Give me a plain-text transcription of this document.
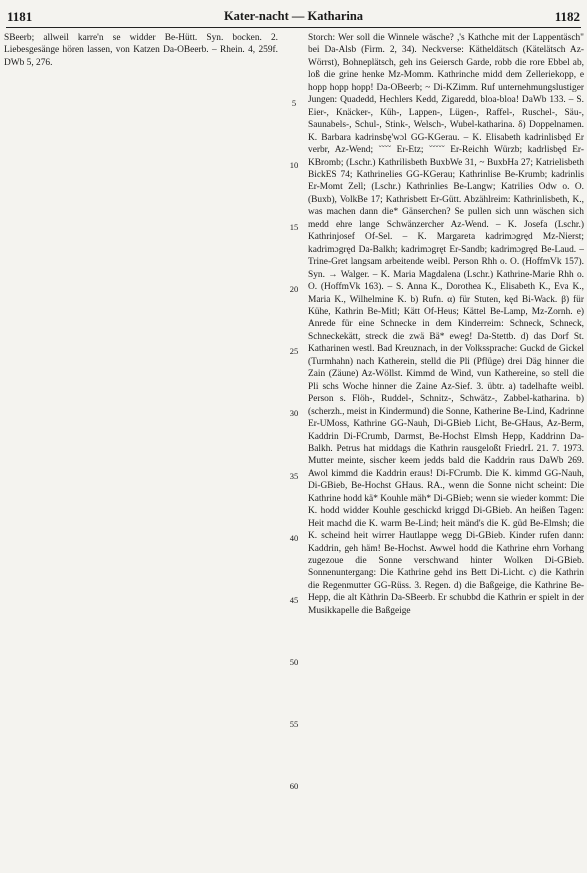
1181	Kater-nacht — Katharina	1182

SBeerb; allweil karre'n se widder Be-Hütt. Syn. bocken. 2. Liebesgesänge hören lassen, von Katzen Da-OBeerb. – Rhein. 4, 259f. DWb 5, 276.

5
10
15
20
25
30
35
40
45
50
55
60

Storch: Wer soll die Winnele wäsche? ,'s Kathche mit der Lappentäsch" bei Da-Alsb (Firm. 2, 34). Neckverse: Kätheldätsch (Kätelätsch Az-Wörrst), Bohneplätsch, geh ins Geiersch Garde, robb die rore Ebbel ab, loß die grine henke Mz-Momm. Kathrinche midd dem Zelleriekopp, e hopp hopp hopp! Da-OBeerb; ~ Di-KZimm. Ruf unternehmungslustiger Jungen: Quadedd, Hechlers Kedd, Zigaredd, bloa-bloa! DaWb 133. – S. Eier-, Knäcker-, Küh-, Lappen-, Lügen-, Raffel-, Ruschel-, Säu-, Saunabels-, Schul-, Stink-, Welsch-, Wubel-katharina. δ) Doppelnamen. K. Barbara kadrinsbę'wɔl GG-KGerau. – K. Elisabeth kadrinlisbęd Er verbr, Az-Wend; ˘˘˘˘ Er-Etz; ˘˘˘˘˘ Er-Reichh Würzb; kadrlisbęd Er-KBromb; (Lschr.) Kathrilisbeth BuxbWe 31, ~ BuxbHa 27; Katrielisbeth BickES 74; Kathrinelies GG-KGerau; Kathrinlise Be-Krumb; kadrinlis Er-Momt Zell; (Lschr.) Kathrinlies Be-Langw; Katrilies Odw o. O. (Buxb), VolkBe 17; Kathrisbett Er-Gütt. Abzählreim: Kathrinlisbeth, K., was machen dann die* Gänserchen? Se pullen sich unn wäschen sich medd ehre lange Schwänzercher Az-Wend. – K. Josefa (Lschr.) Kathrinjosef Of-Sel. – K. Margareta kadrimɔgręd Mz-Nierst; kadrimɔgręd Da-Balkh; kadrimɔgręt Er-Sandb; kadrimɔgręd Be-Laud. – Trine-Gret langsam arbeitende weibl. Person Rhh o. O. (HoffmVk 157). Syn. → Walger. – K. Maria Magdalena (Lschr.) Kathrine-Marie Rhh o. O. (HoffmVk 163). – S. Anna K., Dorothea K., Elisabeth K., Eva K., Maria K., Wilhelmine K. b) Rufn. α) für Stuten, kęd Bi-Wack. β) für Kühe, Kathrin Be-Mitl; Kätt Of-Heus; Kättel Be-Lamp, Mz-Zornh. e) Anrede für eine Schnecke in dem Kinderreim: Schneck, Schneck, Schneckekätt, streck die zwä Bä* eweg! Da-Stettb. d) das Dorf St. Katharinen westl. Bad Kreuznach, in der Volkssprache: Guckd de Gickel (Turmhahn) nach Katherein, stelld die Pli (Pflüge) drei Däg hinner die Zain (Zäune) Az-Wöllst. Kimmd de Wind, vun Kathereine, so stell die Pli schs Woche hinner die Zaine Az-Sief. 3. übtr. a) tadelhafte weibl. Person s. Flöh-, Ruddel-, Schnitz-, Schwätz-, Zabbel-katharina. b) (scherzh., meist in Kindermund) die Sonne, Katherine Be-Lind, Kadrinne Er-UMoss, Kathrine GG-Nauh, Di-GBieb Licht, Be-GHaus, Az-Berm, Kaddrin Di-FCrumb, Darmst, Be-Hochst Elmsh Hepp, Kaddrinn Da-Balkh. Petrus hat middags die Kathrin rausgeloßt FriedrL 21. 7. 1973. Mutter meinte, sischer keem jedds bald die Kaddrin raus DaWb 269. Awol kimmd die Kaddrin eraus! Di-FCrumb. Die K. kimmd GG-Nauh, Di-GBieb, Be-Hochst GHaus. RA., wenn die Sonne nicht scheint: Die Kathrine hodd kä* Kouhle mäh* Di-GBieb; wenn sie wieder kommt: Die K. hodd widder Kouhle geschickd kriggd Di-GBieb. An heißen Tagen: Heit machd die K. warm Be-Lind; heit mänd's die K. güd Be-Elmsh; die K. scheind heit wirrer Hautlappe wegg Di-GBieb. Kinder rufen dann: Kaddrin, geh häm! Be-Hochst. Awwel hodd die Kathrine ehrn Vorhang zugezoue die Sonne verschwand hinter Wolken Di-GBieb. Sonnenuntergang: Die Kathrine gehd ins Bett Di-Licht. c) die Kathrin die Regenmutter GG-Rüss. 3. Regen. d) die Baßgeige, die Kathrine Be-Hepp, die alt Kàthrin Da-SBeerb. Er schubbd die Kathrin er spielt in der Musikkapelle die Baßgeige
